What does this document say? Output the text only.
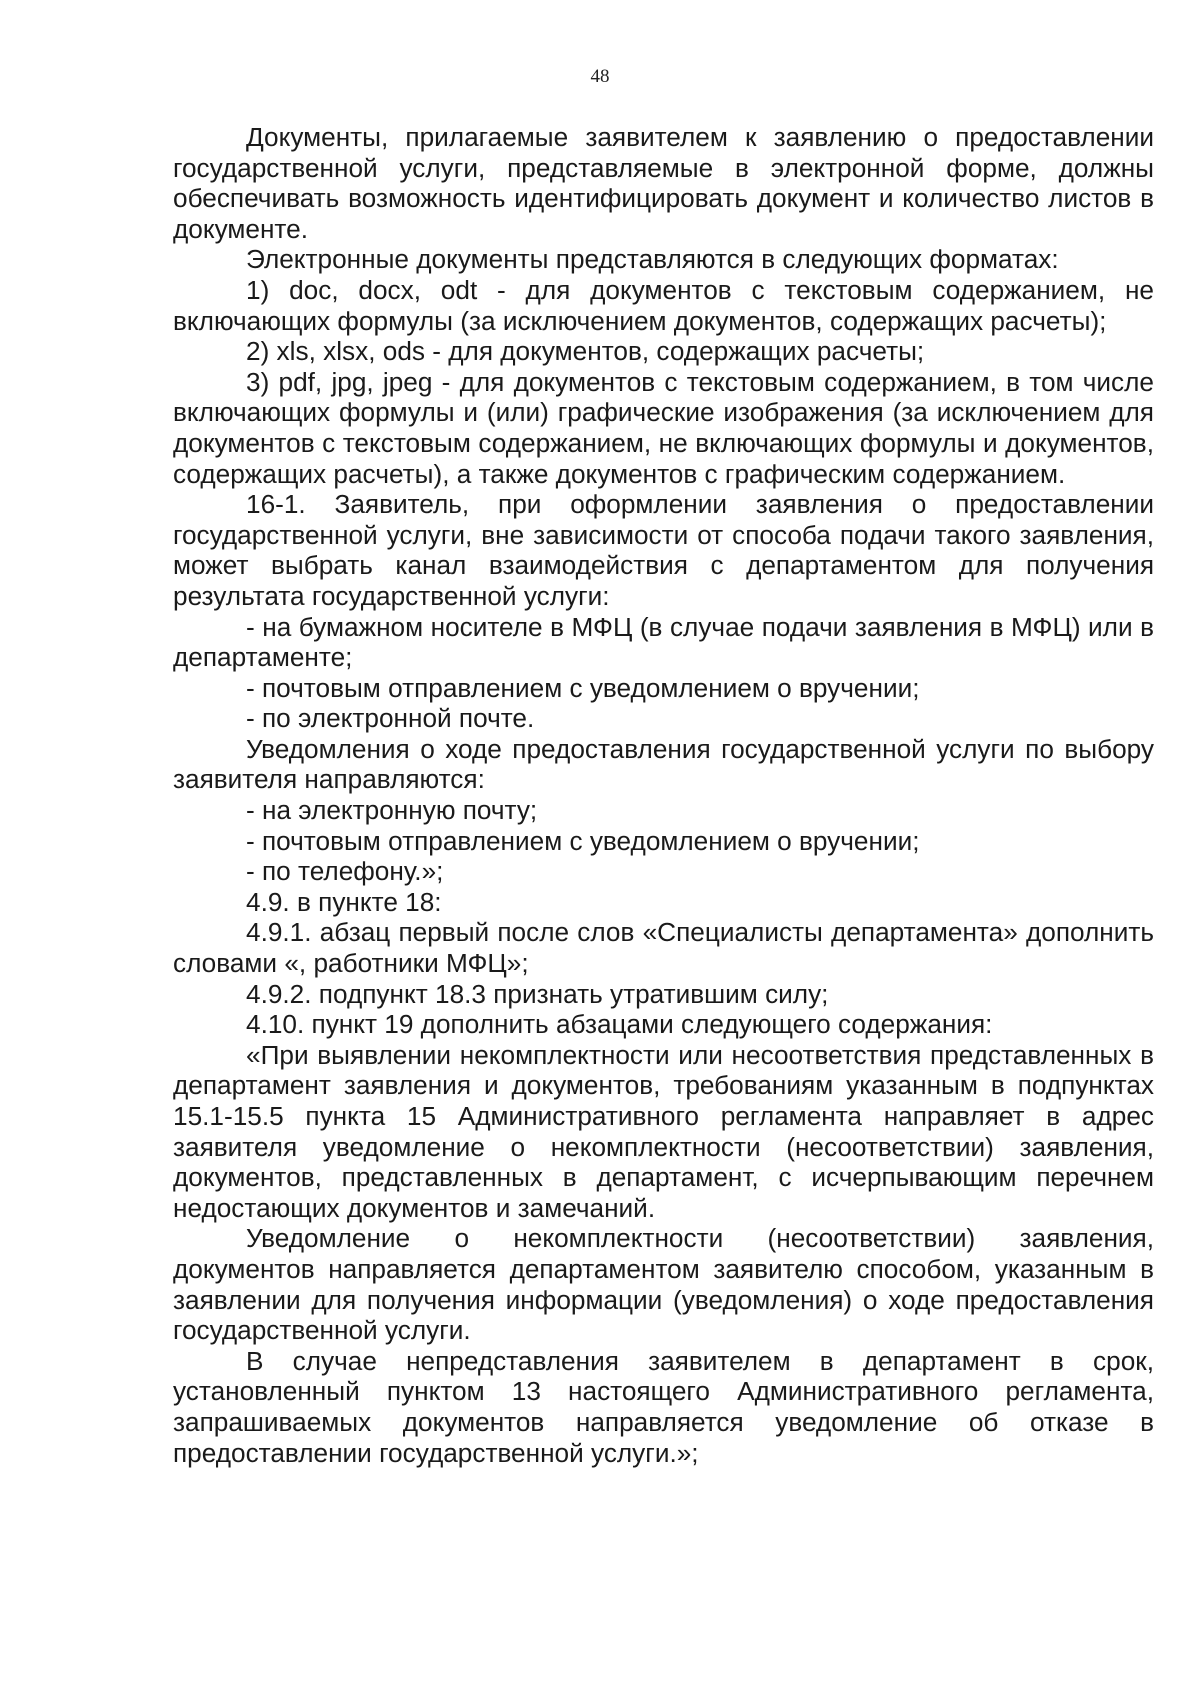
48

Документы, прилагаемые заявителем к заявлению о предоставлении государственной услуги, представляемые в электронной форме, должны обеспечивать возможность идентифицировать документ и количество листов в документе.

Электронные документы представляются в следующих форматах:

1) doc, docx, odt - для документов с текстовым содержанием, не включающих формулы (за исключением документов, содержащих расчеты);

2) xls, xlsx, ods - для документов, содержащих расчеты;

3) pdf, jpg, jpeg - для документов с текстовым содержанием, в том числе включающих формулы и (или) графические изображения (за исключением для документов с текстовым содержанием, не включающих формулы и документов, содержащих расчеты), а также документов с графическим содержанием.

16-1. Заявитель, при оформлении заявления о предоставлении государственной услуги, вне зависимости от способа подачи такого заявления, может выбрать канал взаимодействия с департаментом для получения результата государственной услуги:

- на бумажном носителе в МФЦ (в случае подачи заявления в МФЦ) или в департаменте;

- почтовым отправлением с уведомлением о вручении;

- по электронной почте.

Уведомления о ходе предоставления государственной услуги по выбору заявителя направляются:

- на электронную почту;

- почтовым отправлением с уведомлением о вручении;

- по телефону.»;

4.9. в пункте 18:

4.9.1. абзац первый после слов «Специалисты департамента» дополнить словами «, работники МФЦ»;

4.9.2. подпункт 18.3 признать утратившим силу;

4.10. пункт 19 дополнить абзацами следующего содержания:

«При выявлении некомплектности или несоответствия представленных в департамент заявления и документов, требованиям указанным в подпунктах 15.1-15.5 пункта 15 Административного регламента направляет в адрес заявителя уведомление о некомплектности (несоответствии) заявления, документов, представленных в департамент, с исчерпывающим перечнем недостающих документов и замечаний.

Уведомление о некомплектности (несоответствии) заявления, документов направляется департаментом заявителю способом, указанным в заявлении для получения информации (уведомления) о ходе предоставления государственной услуги.

В случае непредставления заявителем в департамент в срок, установленный пунктом 13 настоящего Административного регламента, запрашиваемых документов направляется уведомление об отказе в предоставлении государственной услуги.»;
